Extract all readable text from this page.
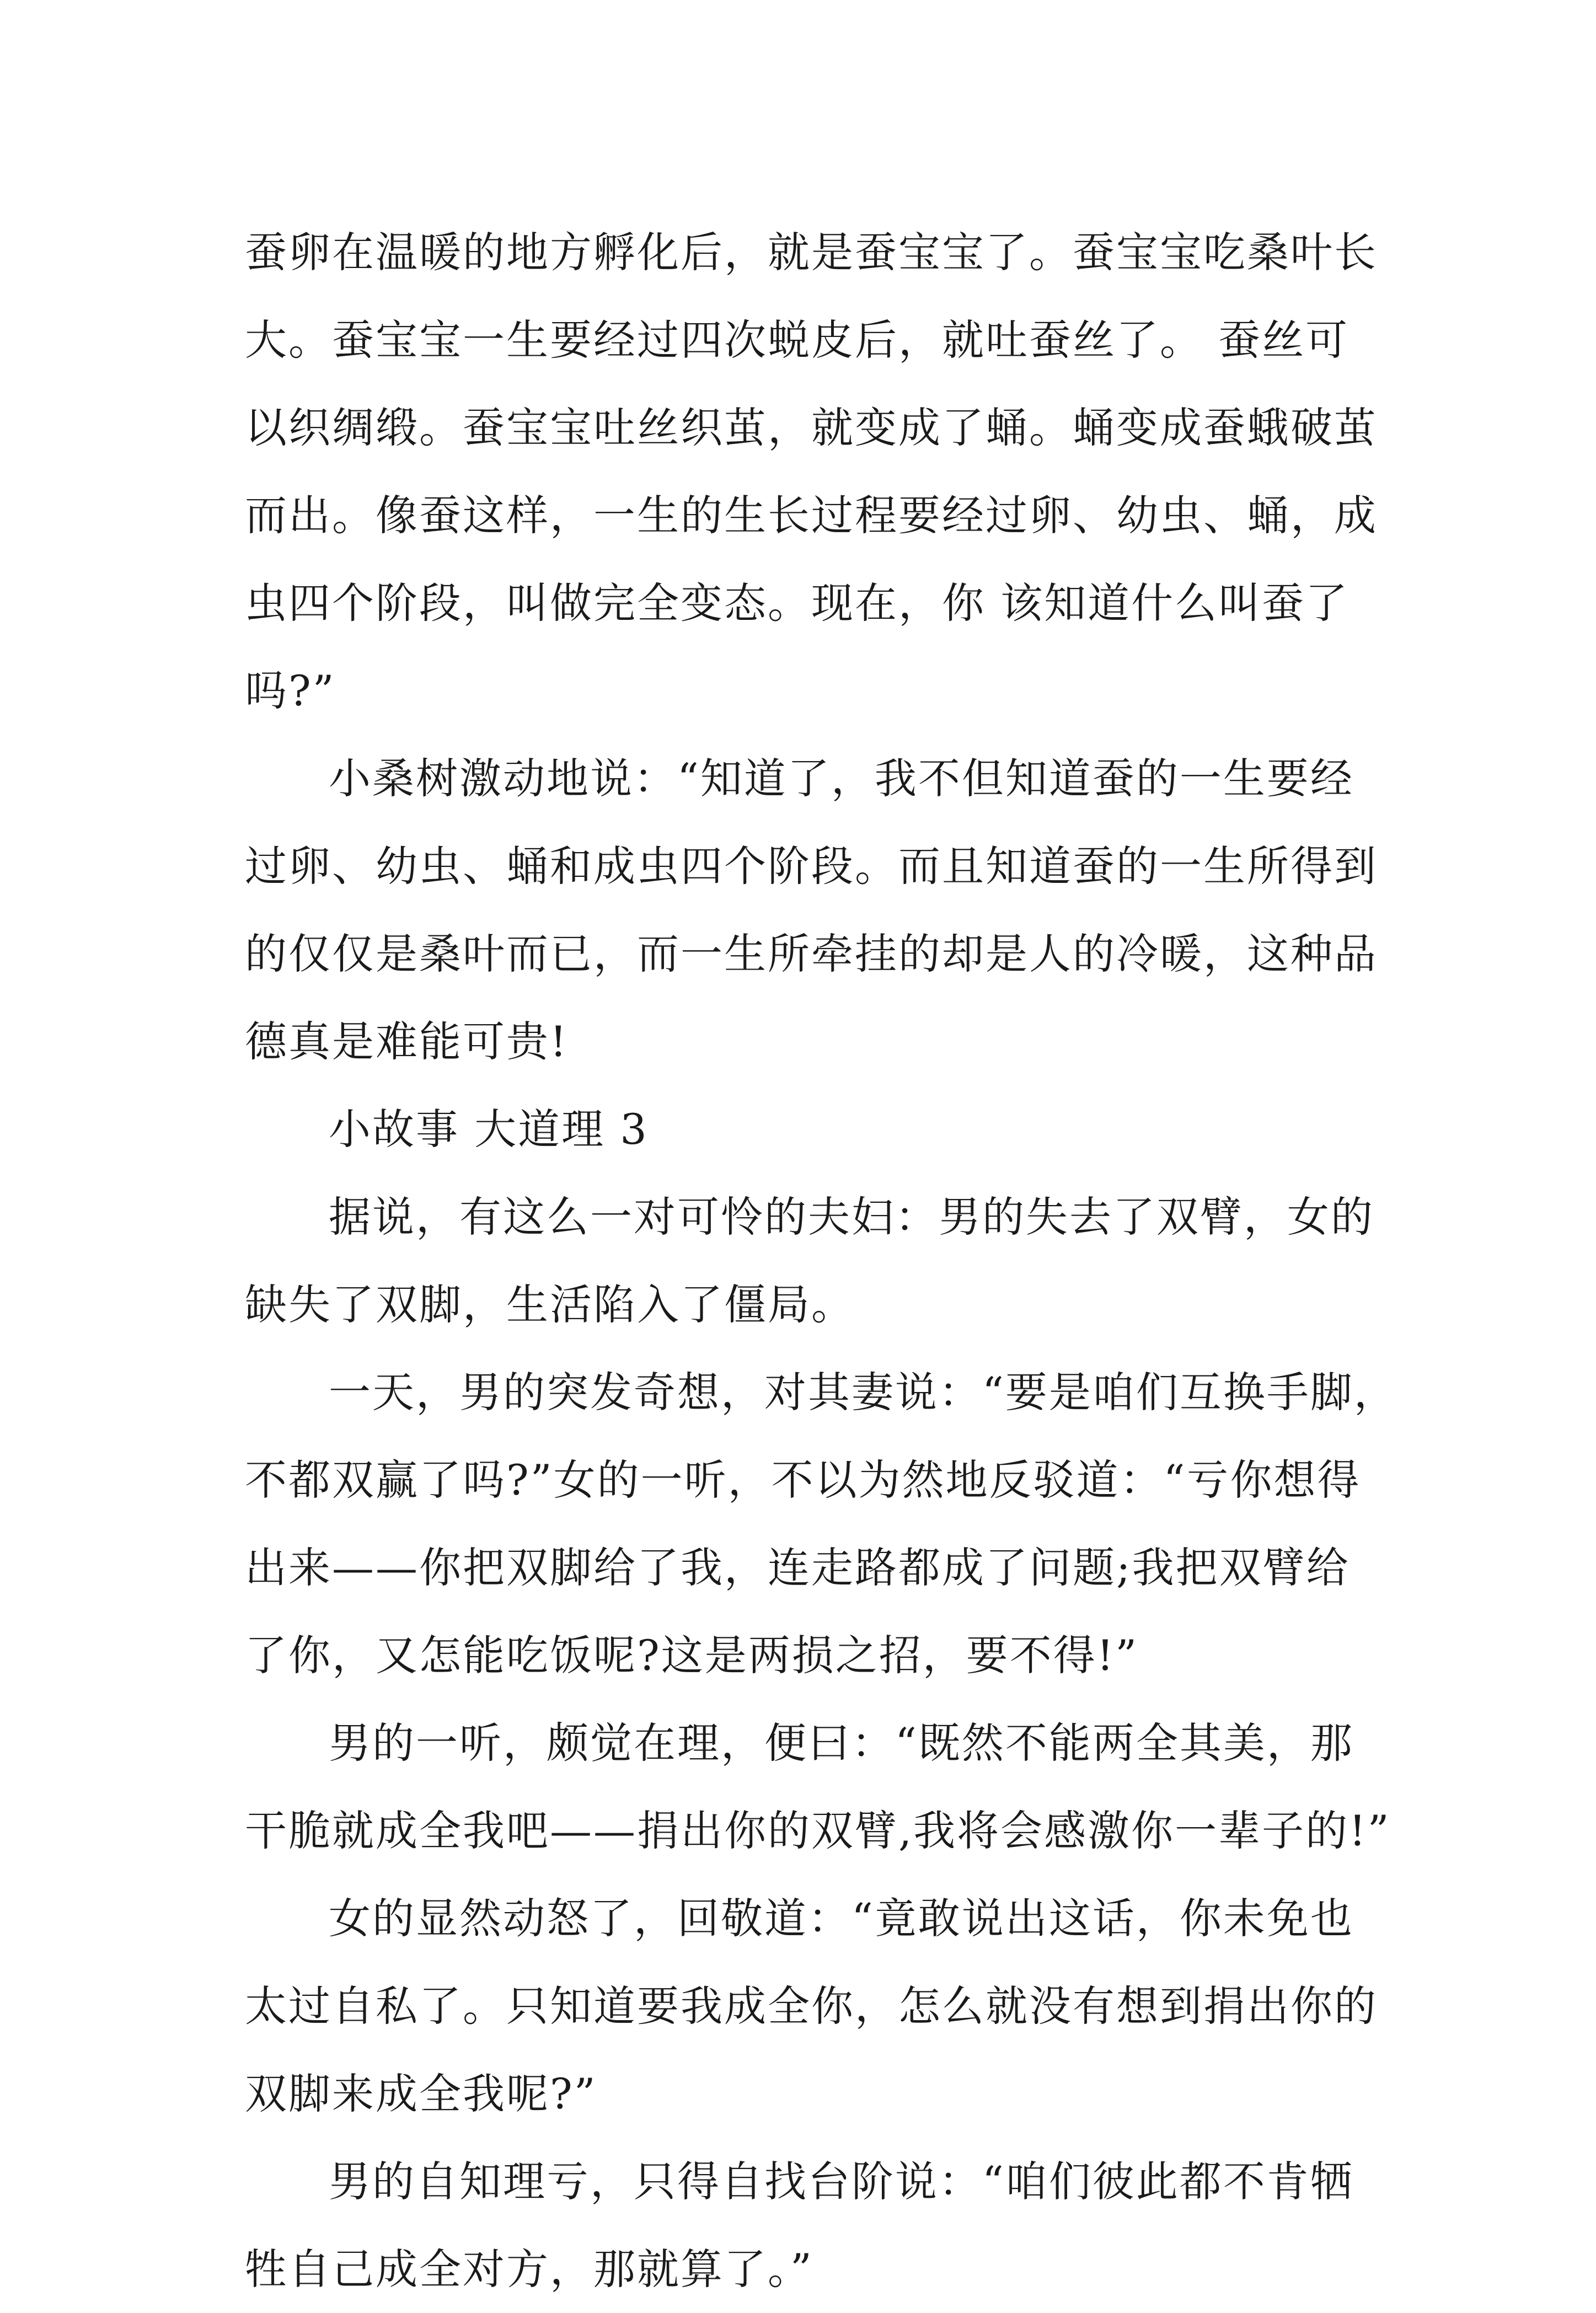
蚕卵在温暖的地方孵化后，就是蚕宝宝了。蚕宝宝吃桑叶长
大。蚕宝宝一生要经过四次蜕皮后，就吐蚕丝了。 蚕丝可
以织绸缎。蚕宝宝吐丝织茧，就变成了蛹。蛹变成蚕蛾破茧
而出。像蚕这样，一生的生长过程要经过卵、幼虫、蛹，成
虫四个阶段，叫做完全变态。现在，你 该知道什么叫蚕了
吗?”
小桑树激动地说：“知道了，我不但知道蚕的一生要经
过卵、幼虫、蛹和成虫四个阶段。而且知道蚕的一生所得到
的仅仅是桑叶而已，而一生所牵挂的却是人的冷暖，这种品
德真是难能可贵!
小故事 大道理 3
据说，有这么一对可怜的夫妇：男的失去了双臂，女的
缺失了双脚，生活陷入了僵局。
一天，男的突发奇想，对其妻说：“要是咱们互换手脚，
不都双赢了吗?”女的一听，不以为然地反驳道：“亏你想得
出来——你把双脚给了我，连走路都成了问题;我把双臂给
了你，又怎能吃饭呢?这是两损之招，要不得!”
男的一听，颇觉在理，便曰：“既然不能两全其美，那
干脆就成全我吧——捐出你的双臂,我将会感激你一辈子的!”
女的显然动怒了，回敬道：“竟敢说出这话，你未免也
太过自私了。只知道要我成全你，怎么就没有想到捐出你的
双脚来成全我呢?”
男的自知理亏，只得自找台阶说：“咱们彼此都不肯牺
牲自己成全对方，那就算了。”
